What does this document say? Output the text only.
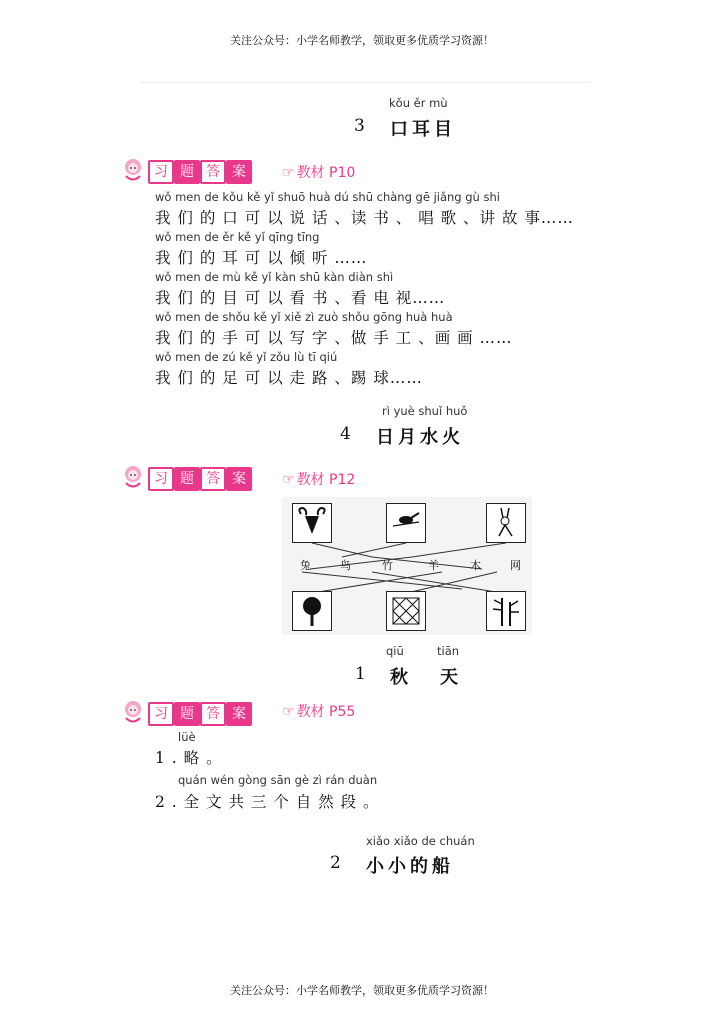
关注公众号：小学名师教学，领取更多优质学习资源！
kǒu ěr mù
3 口耳目
习 题 答 案	☞ 教材 P10
wǒ men de kǒu kě yǐ shuō huà dú shū chàng gē jiǎng gù shi
我 们 的 口 可 以 说 话 、读 书 、 唱 歌 、讲 故 事……
wǒ men de ěr kě yǐ qīng tīng
我 们 的 耳 可 以 倾 听 ……
wǒ men de mù kě yǐ kàn shū kàn diàn shì
我 们 的 目 可 以 看 书 、看 电 视……
wǒ men de shǒu kě yǐ xiě zì zuò shǒu gōng huà huà
我 们 的 手 可 以 写 字 、做 手 工 、画 画 ……
wǒ men de zú kě yǐ zǒu lù tī qiú
我 们 的 足 可 以 走 路 、踢 球……
rì yuè shuǐ huǒ
4 日月水火
习 题 答 案	☞ 教材 P12
兔	鸟	竹	羊	木	网
qiū	tiān
1 秋 天
习 题 答 案	☞ 教材 P55
lüè
1 . 略 。
quán wén gòng sān gè zì rán duàn
2 . 全 文 共 三 个 自 然 段 。
xiǎo xiǎo de chuán
2 小小的船
关注公众号：小学名师教学，领取更多优质学习资源！
